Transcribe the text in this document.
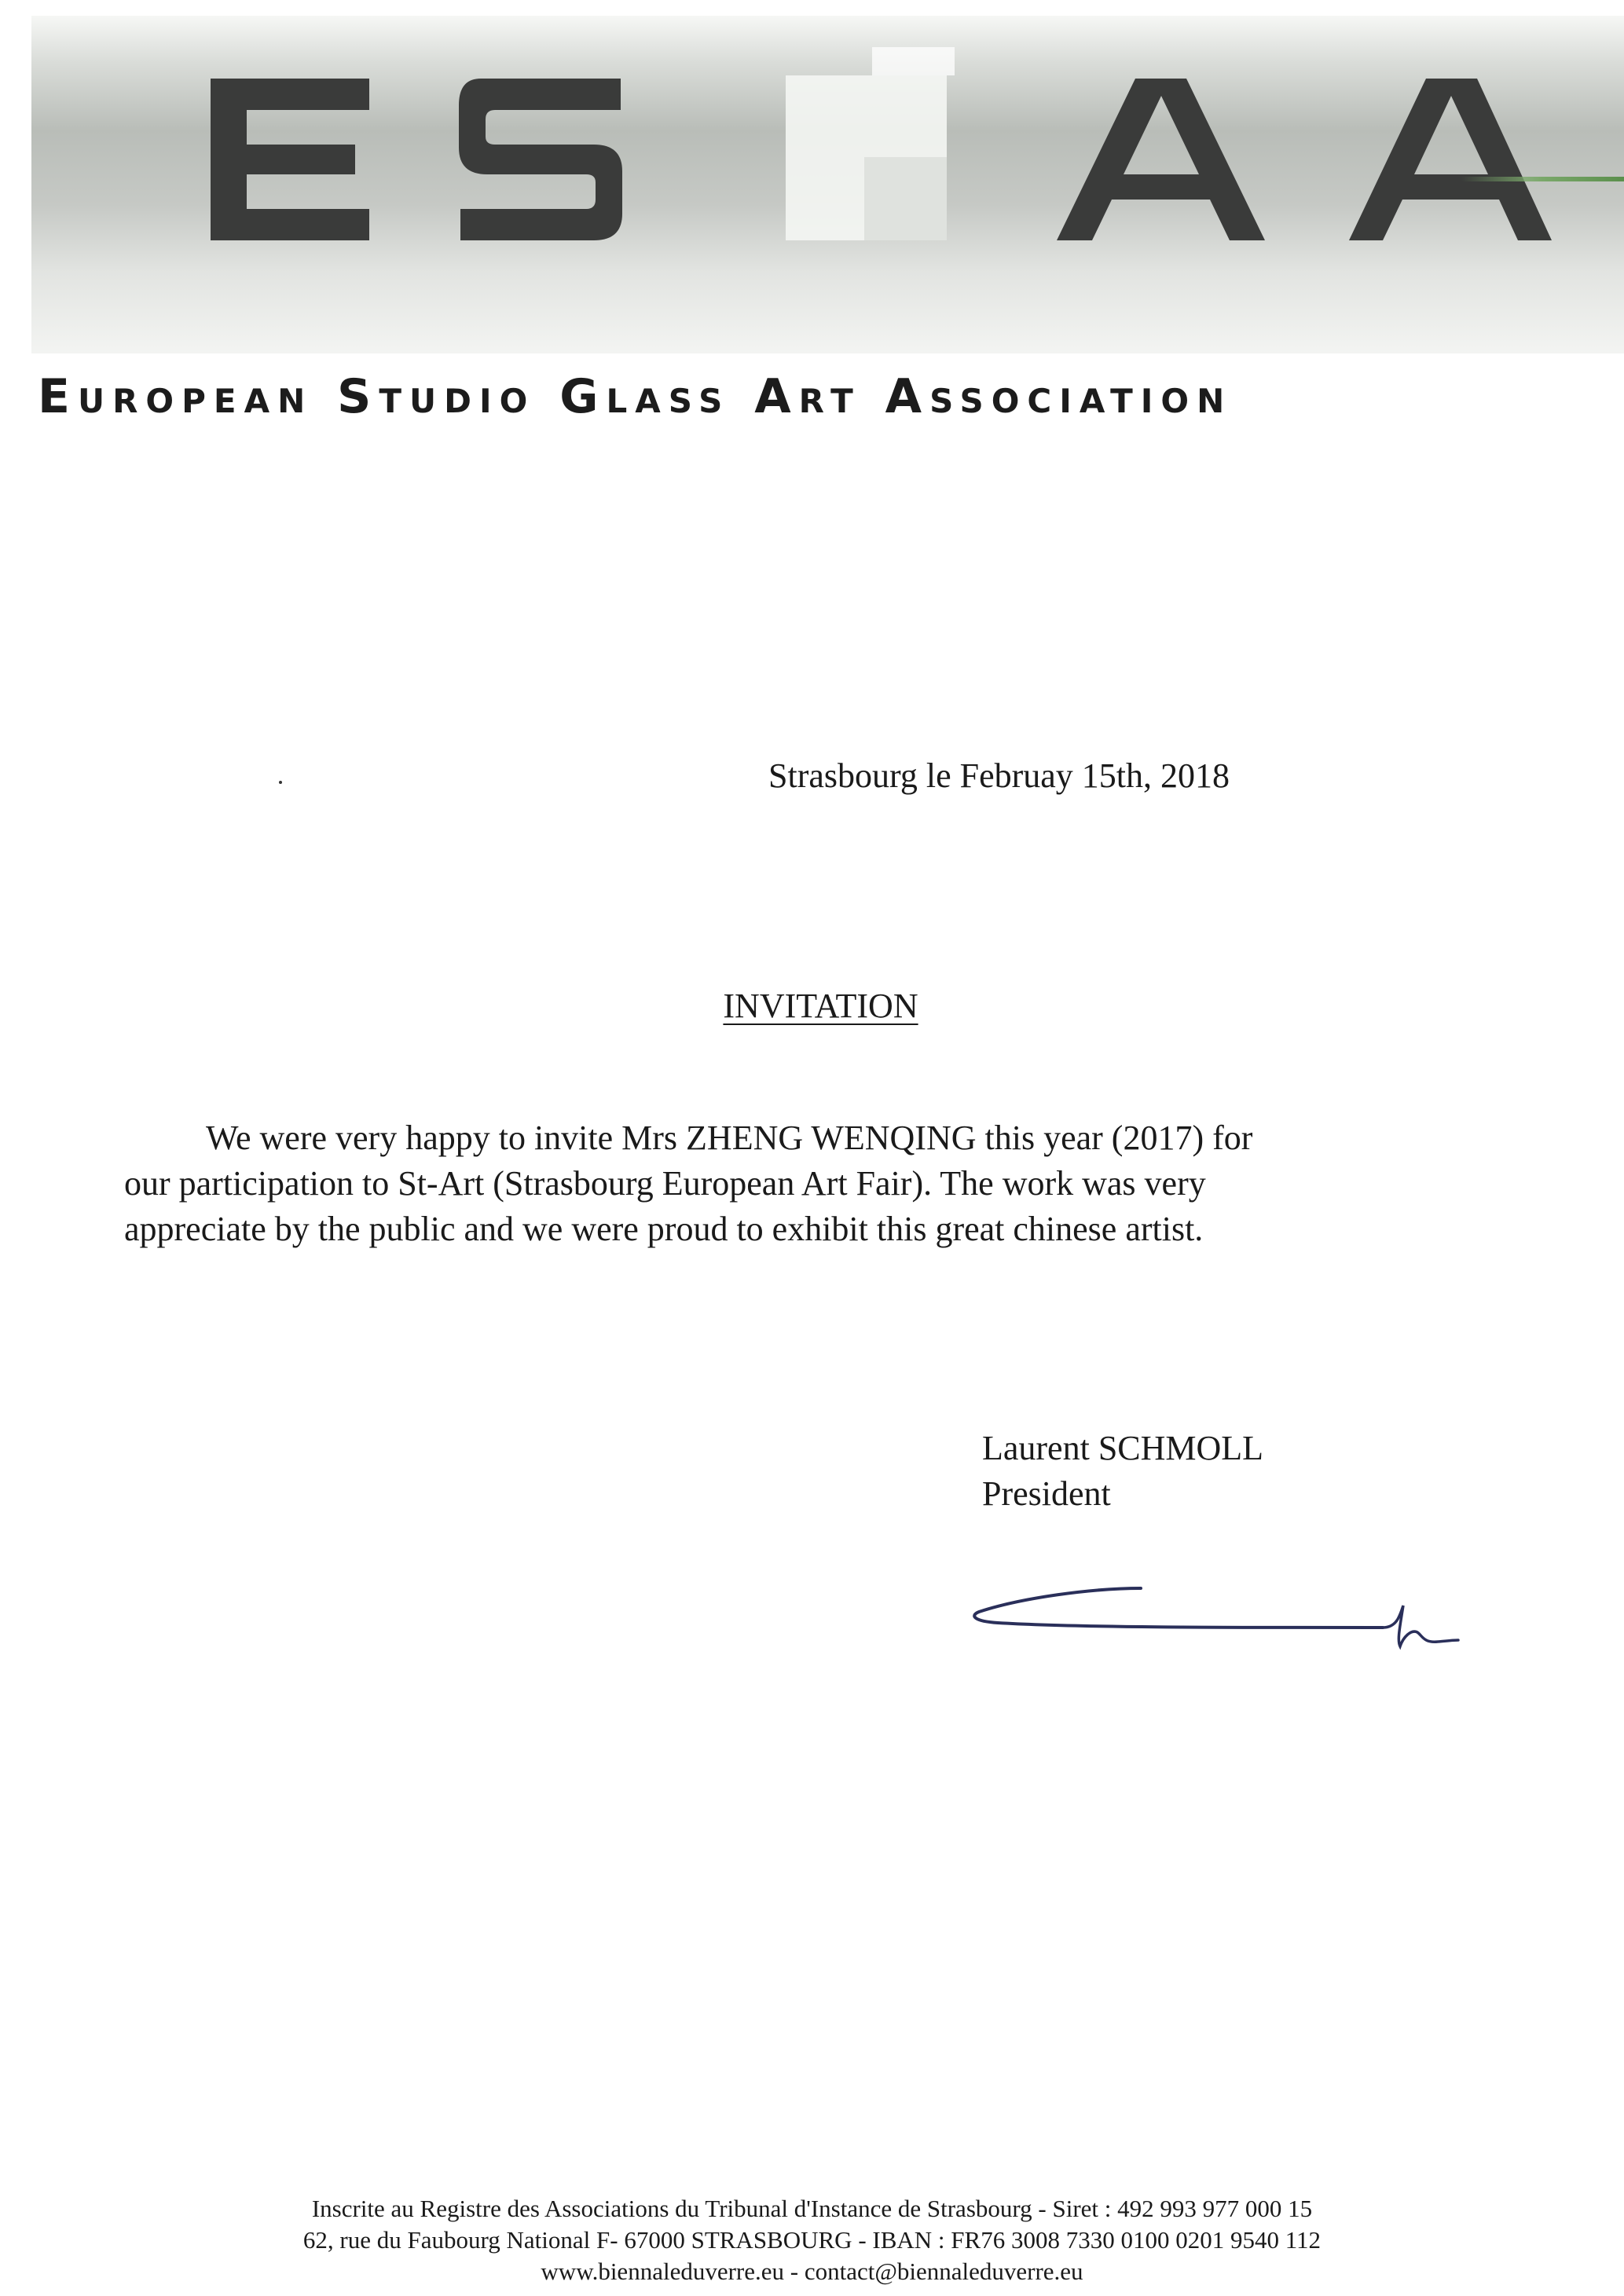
European Studio Glass Art Association

Strasbourg le Februay 15th, 2018

INVITATION

We were very happy to invite Mrs ZHENG WENQING this year (2017) for
our participation to St-Art (Strasbourg European Art Fair). The work was very
appreciate by the public and we were proud to exhibit this great chinese artist.

Laurent SCHMOLL
President
Inscrite au Registre des Associations du Tribunal d'Instance de Strasbourg - Siret : 492 993 977 000 15
62, rue du Faubourg National F- 67000 STRASBOURG - IBAN : FR76 3008 7330 0100 0201 9540 112
www.biennaleduverre.eu - contact@biennaleduverre.eu
